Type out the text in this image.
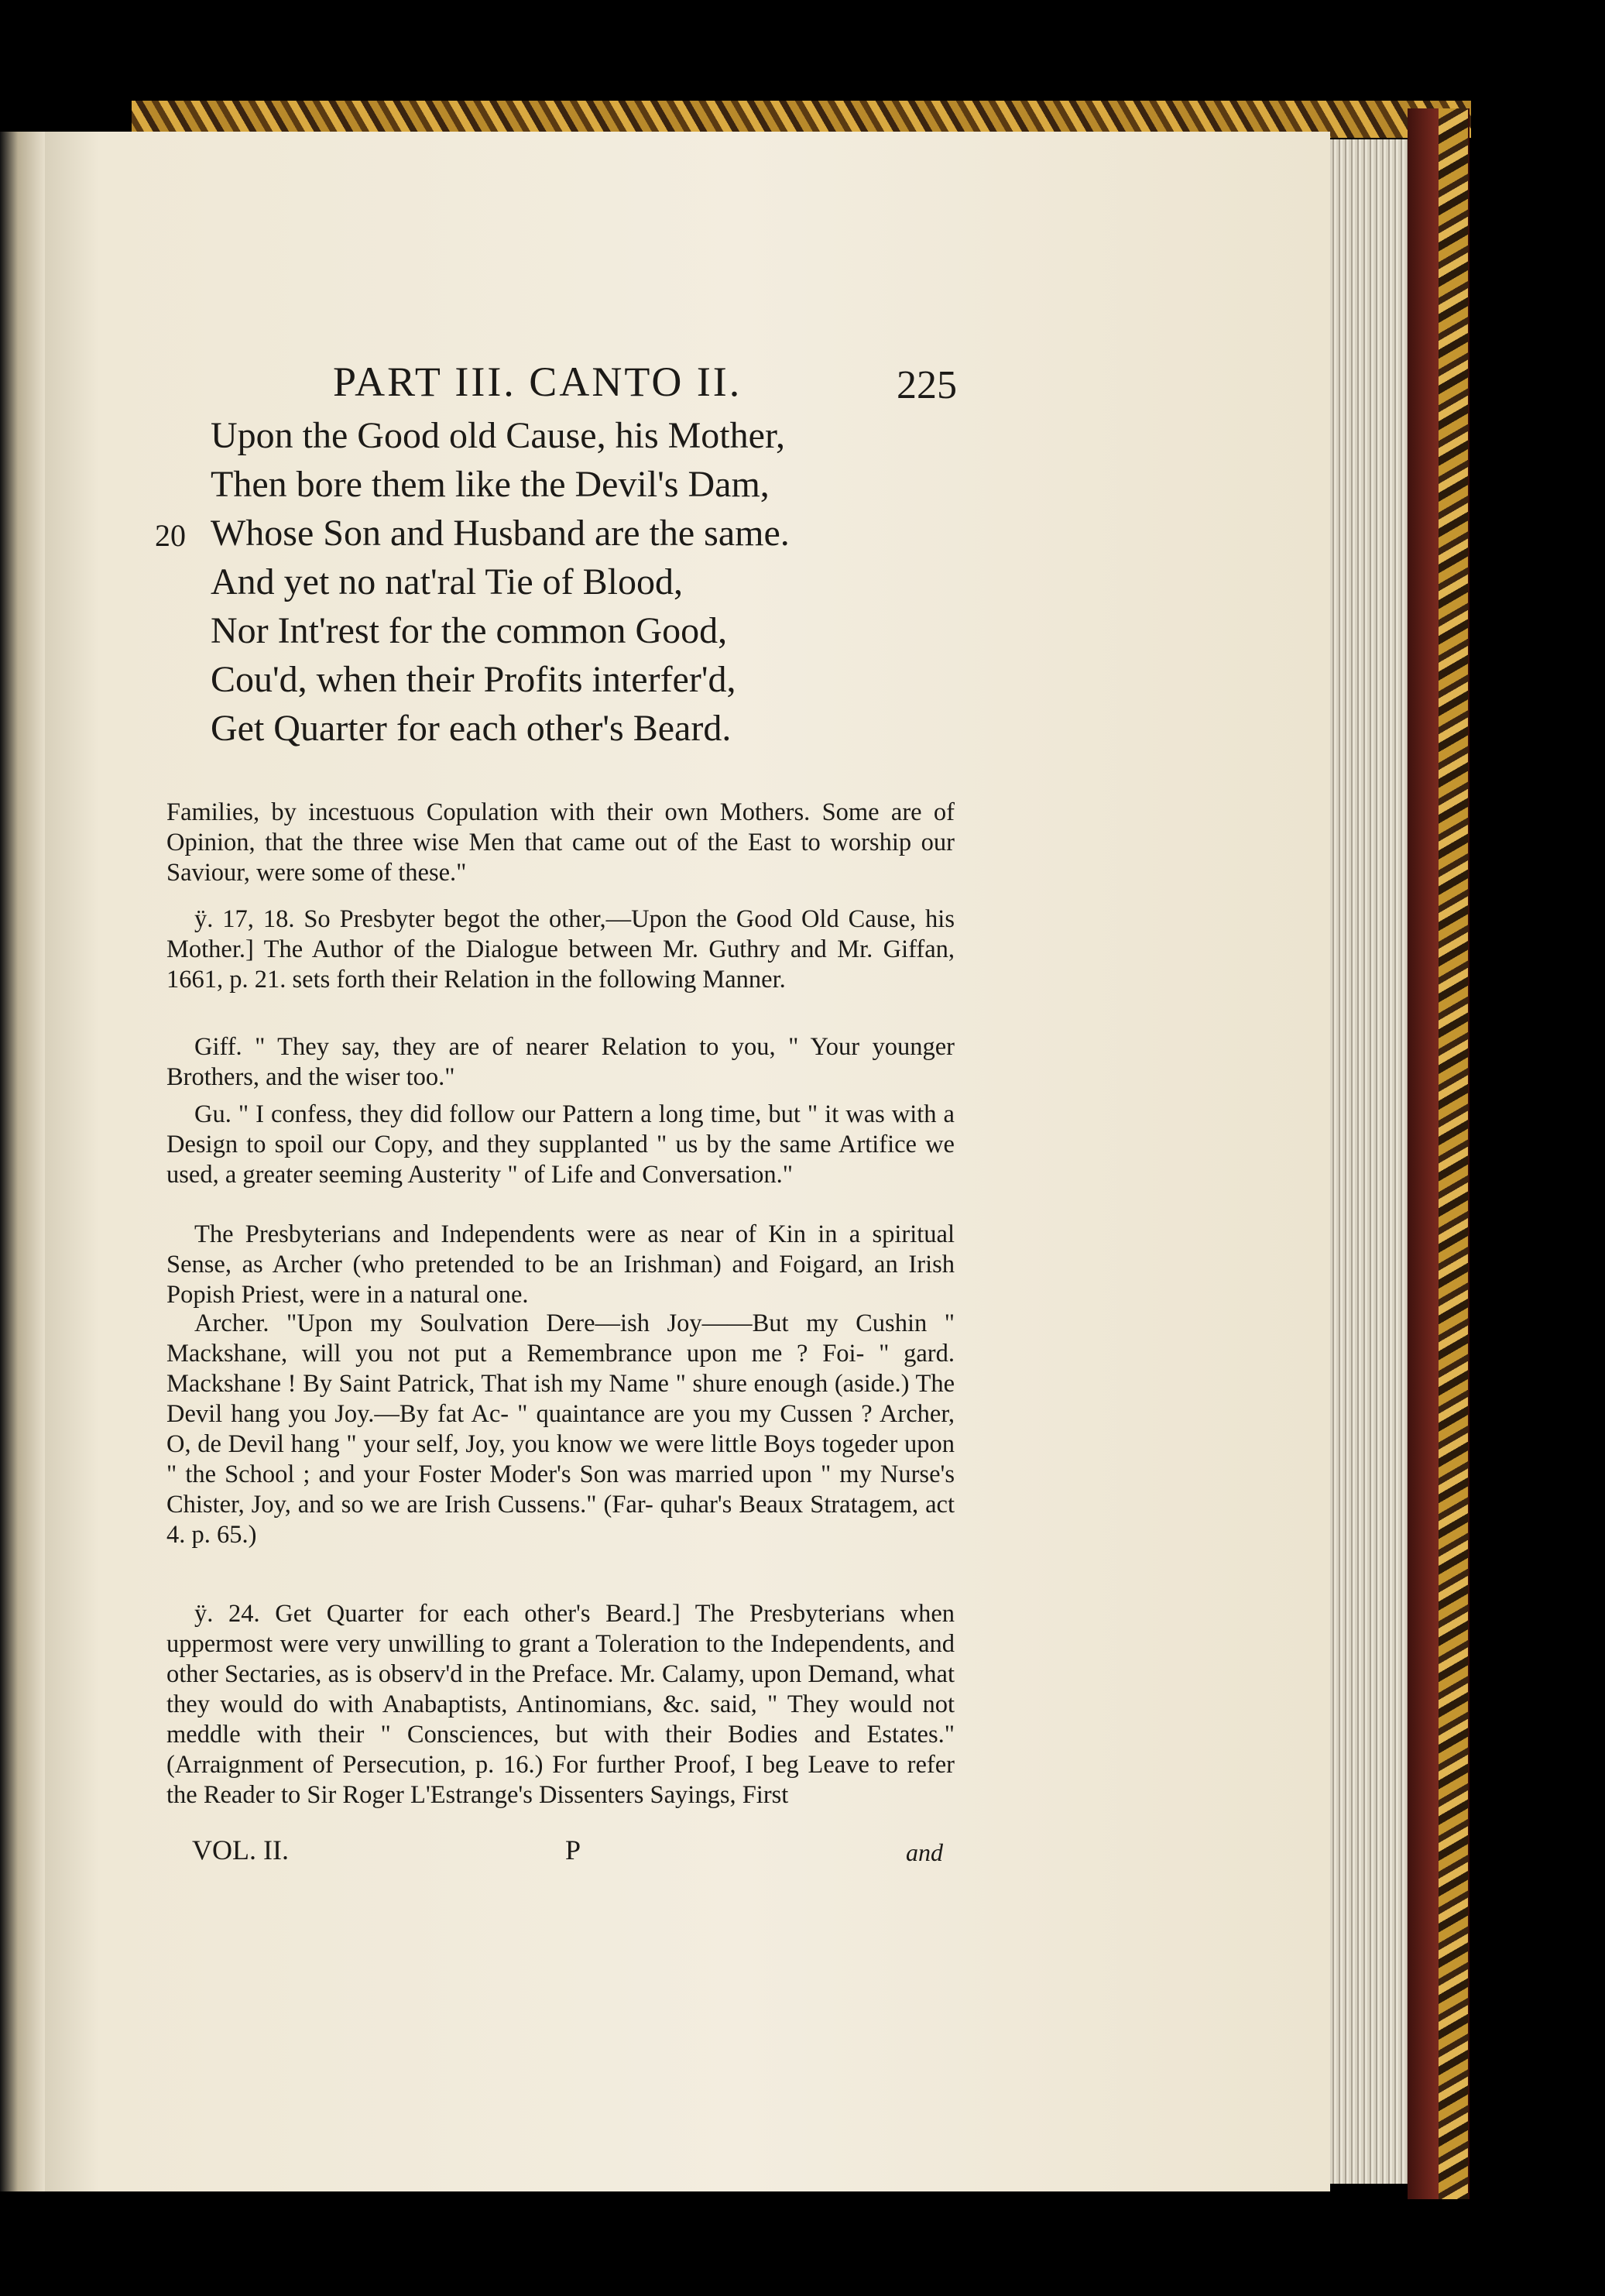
PART III. CANTO II.	225
Upon the Good old Cause, his Mother,
Then bore them like the Devil's Dam,
20 Whose Son and Husband are the same.
And yet no nat'ral Tie of Blood,
Nor Int'rest for the common Good,
Cou'd, when their Profits interfer'd,
Get Quarter for each other's Beard.

Families, by incestuous Copulation with their own Mothers. Some are of Opinion, that the three wise Men that came out of the East to worship our Saviour, were some of these."

ÿ. 17, 18. So Presbyter begot the other,—Upon the Good Old Cause, his Mother.] The Author of the Dialogue between Mr. Guthry and Mr. Giffan, 1661, p. 21. sets forth their Relation in the following Manner.

Giff. " They say, they are of nearer Relation to you, " Your younger Brothers, and the wiser too."

Gu. " I confess, they did follow our Pattern a long time, but " it was with a Design to spoil our Copy, and they supplanted " us by the same Artifice we used, a greater seeming Austerity " of Life and Conversation."

The Presbyterians and Independents were as near of Kin in a spiritual Sense, as Archer (who pretended to be an Irishman) and Foigard, an Irish Popish Priest, were in a natural one.

Archer. "Upon my Soulvation Dere—ish Joy——But my Cushin " Mackshane, will you not put a Remembrance upon me ? Foi- " gard. Mackshane ! By Saint Patrick, That ish my Name " shure enough (aside.) The Devil hang you Joy.—By fat Ac- " quaintance are you my Cussen ? Archer, O, de Devil hang " your self, Joy, you know we were little Boys togeder upon " the School ; and your Foster Moder's Son was married upon " my Nurse's Chister, Joy, and so we are Irish Cussens." (Far- quhar's Beaux Stratagem, act 4. p. 65.)

ÿ. 24. Get Quarter for each other's Beard.] The Presbyterians when uppermost were very unwilling to grant a Toleration to the Independents, and other Sectaries, as is observ'd in the Preface. Mr. Calamy, upon Demand, what they would do with Anabaptists, Antinomians, &c. said, " They would not meddle with their " Consciences, but with their Bodies and Estates." (Arraignment of Persecution, p. 16.) For further Proof, I beg Leave to refer the Reader to Sir Roger L'Estrange's Dissenters Sayings, First

VOL. II.	P	and
